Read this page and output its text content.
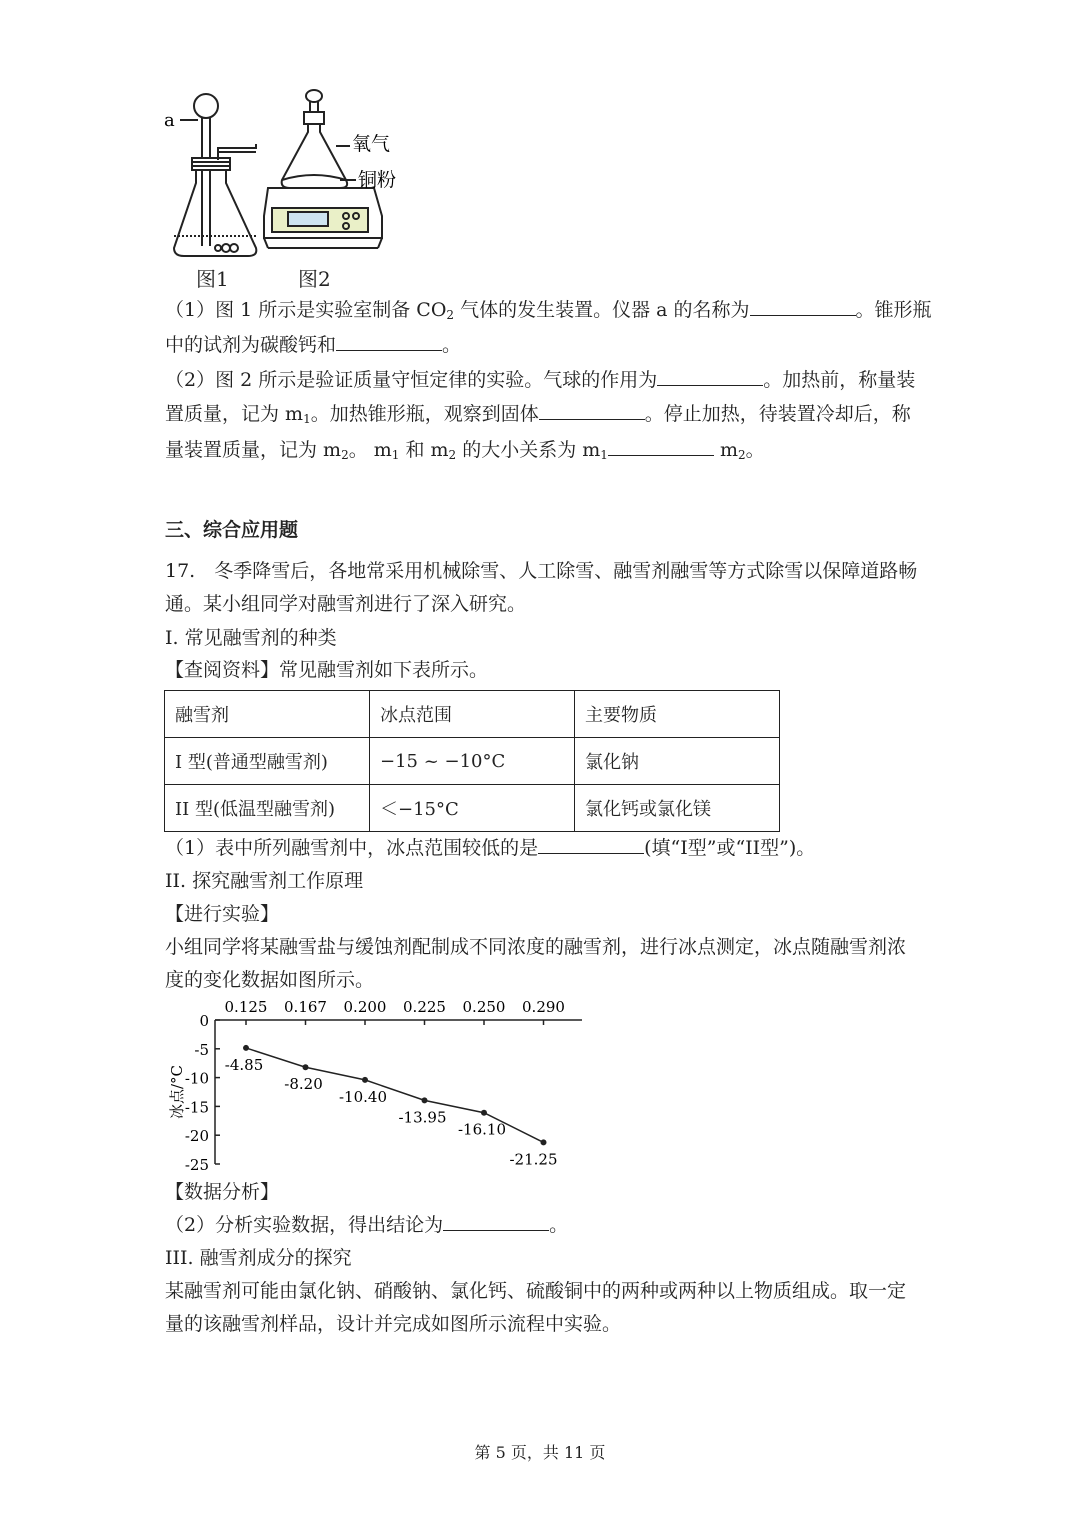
a
氧气
铜粉
图1	图2
（1）图 1 所示是实验室制备 $CO_2$ 气体的发生装置。仪器 a 的名称为	。锥形瓶
中的试剂为碳酸钙和	。
（2）图 2 所示是验证质量守恒定律的实验。气球的作用为	。加热前，称量装
置质量，记为 $m_1$。加热锥形瓶，观察到固体	。停止加热，待装置冷却后，称
量装置质量，记为 $m_2$。 $m_1$ 和 $m_2$ 的大小关系为 $m_1$	$m_2$。
三、综合应用题
17.　冬季降雪后，各地常采用机械除雪、人工除雪、融雪剂融雪等方式除雪以保障道路畅
通。某小组同学对融雪剂进行了深入研究。
I. 常见融雪剂的种类
【查阅资料】常见融雪剂如下表所示。
融雪剂	冰点范围	主要物质
I 型(普通型融雪剂)	−15 ~ −10°C	氯化钠
II 型(低温型融雪剂)	＜−15°C	氯化钙或氯化镁
（1）表中所列融雪剂中，冰点范围较低的是	(填“I型”或“II型”)。
II. 探究融雪剂工作原理
【进行实验】
小组同学将某融雪盐与缓蚀剂配制成不同浓度的融雪剂，进行冰点测定，冰点随融雪剂浓
度的变化数据如图所示。
0
-5
-10
-15
-20
-25
0.125 0.167 0.200 0.225 0.250 0.290
冰点/°C
-4.85
-8.20
-10.40
-13.95
-16.10
-21.25
【数据分析】
（2）分析实验数据，得出结论为	。
III. 融雪剂成分的探究
某融雪剂可能由氯化钠、硝酸钠、氯化钙、硫酸铜中的两种或两种以上物质组成。取一定
量的该融雪剂样品，设计并完成如图所示流程中实验。
第 5 页，共 11 页
